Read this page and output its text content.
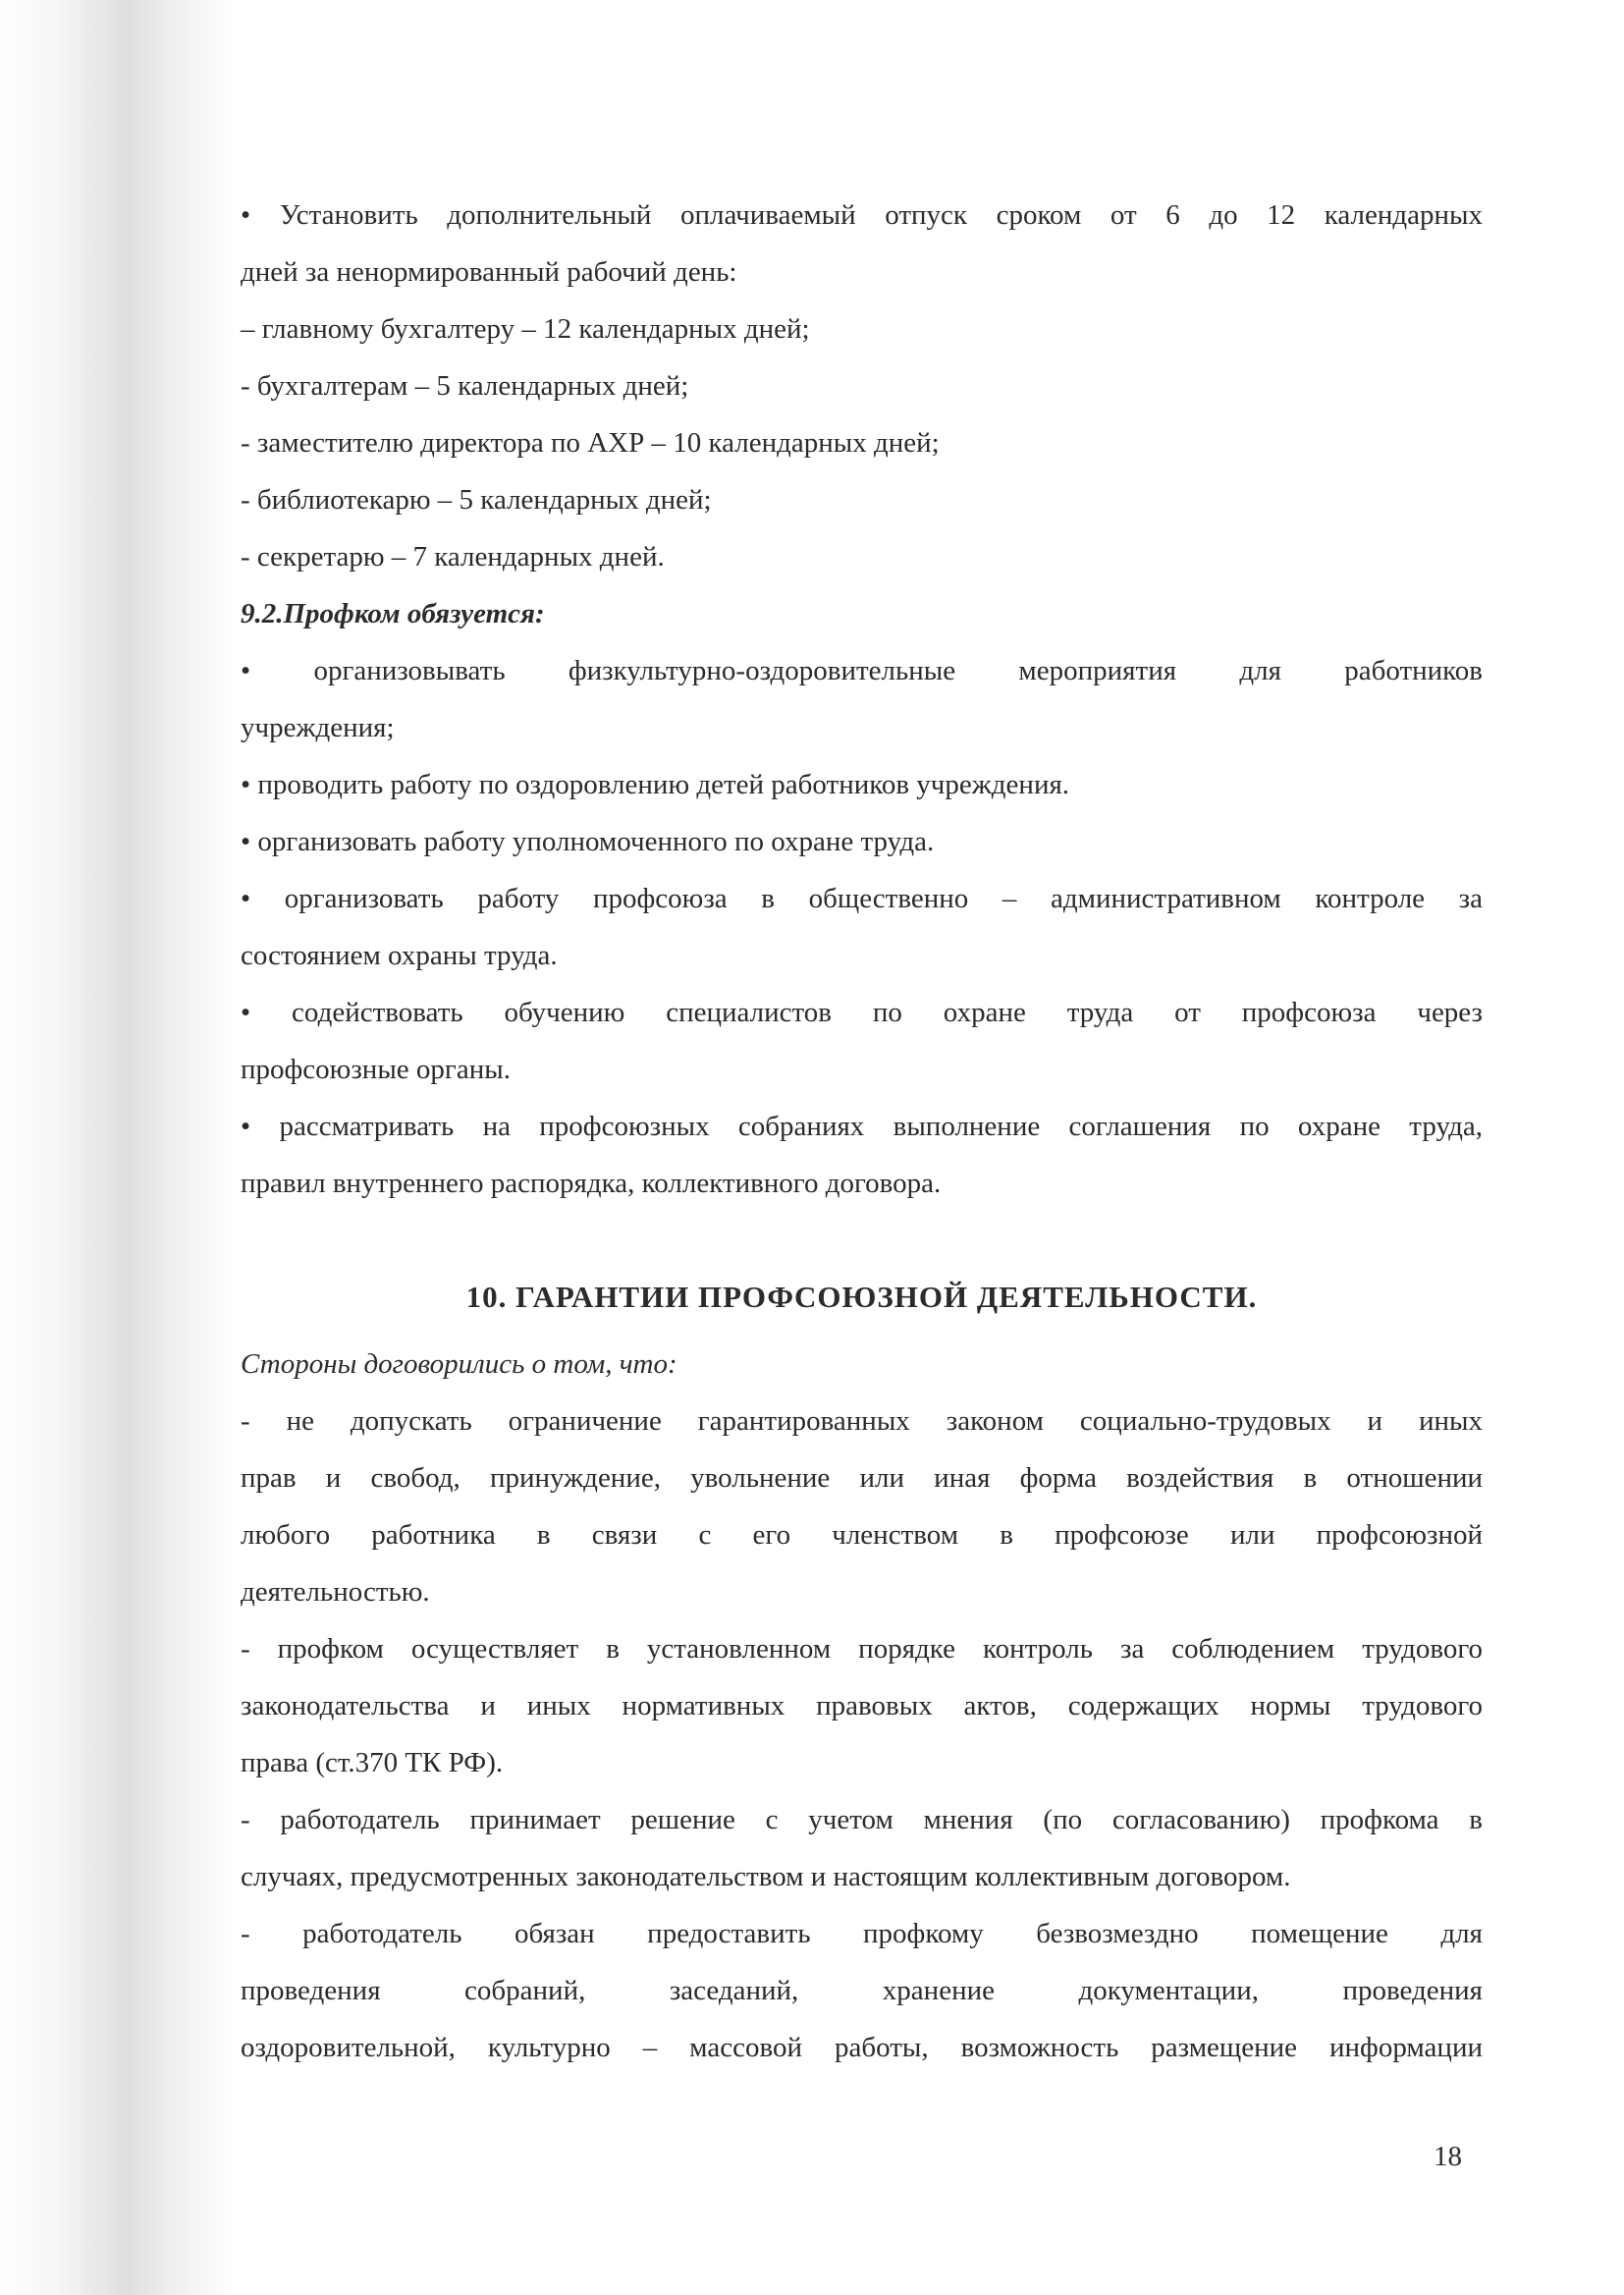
• Установить дополнительный оплачиваемый отпуск сроком от 6 до 12 календарных

дней за ненормированный рабочий день:

– главному бухгалтеру – 12 календарных дней;

- бухгалтерам – 5 календарных дней;

- заместителю директора по АХР – 10 календарных дней;

- библиотекарю – 5 календарных дней;

- секретарю – 7 календарных дней.

9.2.Профком обязуется:

• организовывать физкультурно-оздоровительные мероприятия для работников

учреждения;

• проводить работу по оздоровлению детей работников учреждения.

• организовать работу уполномоченного по охране труда.

• организовать работу профсоюза в общественно – административном контроле за

состоянием охраны труда.

• содействовать обучению специалистов по охране труда от профсоюза через

профсоюзные органы.

• рассматривать на профсоюзных собраниях выполнение соглашения по охране труда,

правил внутреннего распорядка, коллективного договора.

10. ГАРАНТИИ ПРОФСОЮЗНОЙ ДЕЯТЕЛЬНОСТИ.

Стороны договорились о том, что:

- не допускать ограничение гарантированных законом социально-трудовых и иных

прав и свобод, принуждение, увольнение или иная форма воздействия в отношении

любого работника в связи с его членством в профсоюзе или профсоюзной

деятельностью.

- профком осуществляет в установленном порядке контроль за соблюдением трудового

законодательства и иных нормативных правовых актов, содержащих нормы трудового

права (ст.370 ТК РФ).

- работодатель принимает решение с учетом мнения (по согласованию) профкома в

случаях, предусмотренных законодательством и настоящим коллективным договором.

- работодатель обязан предоставить профкому безвозмездно помещение для

проведения собраний, заседаний, хранение документации, проведения

оздоровительной, культурно – массовой работы, возможность размещение информации

18
